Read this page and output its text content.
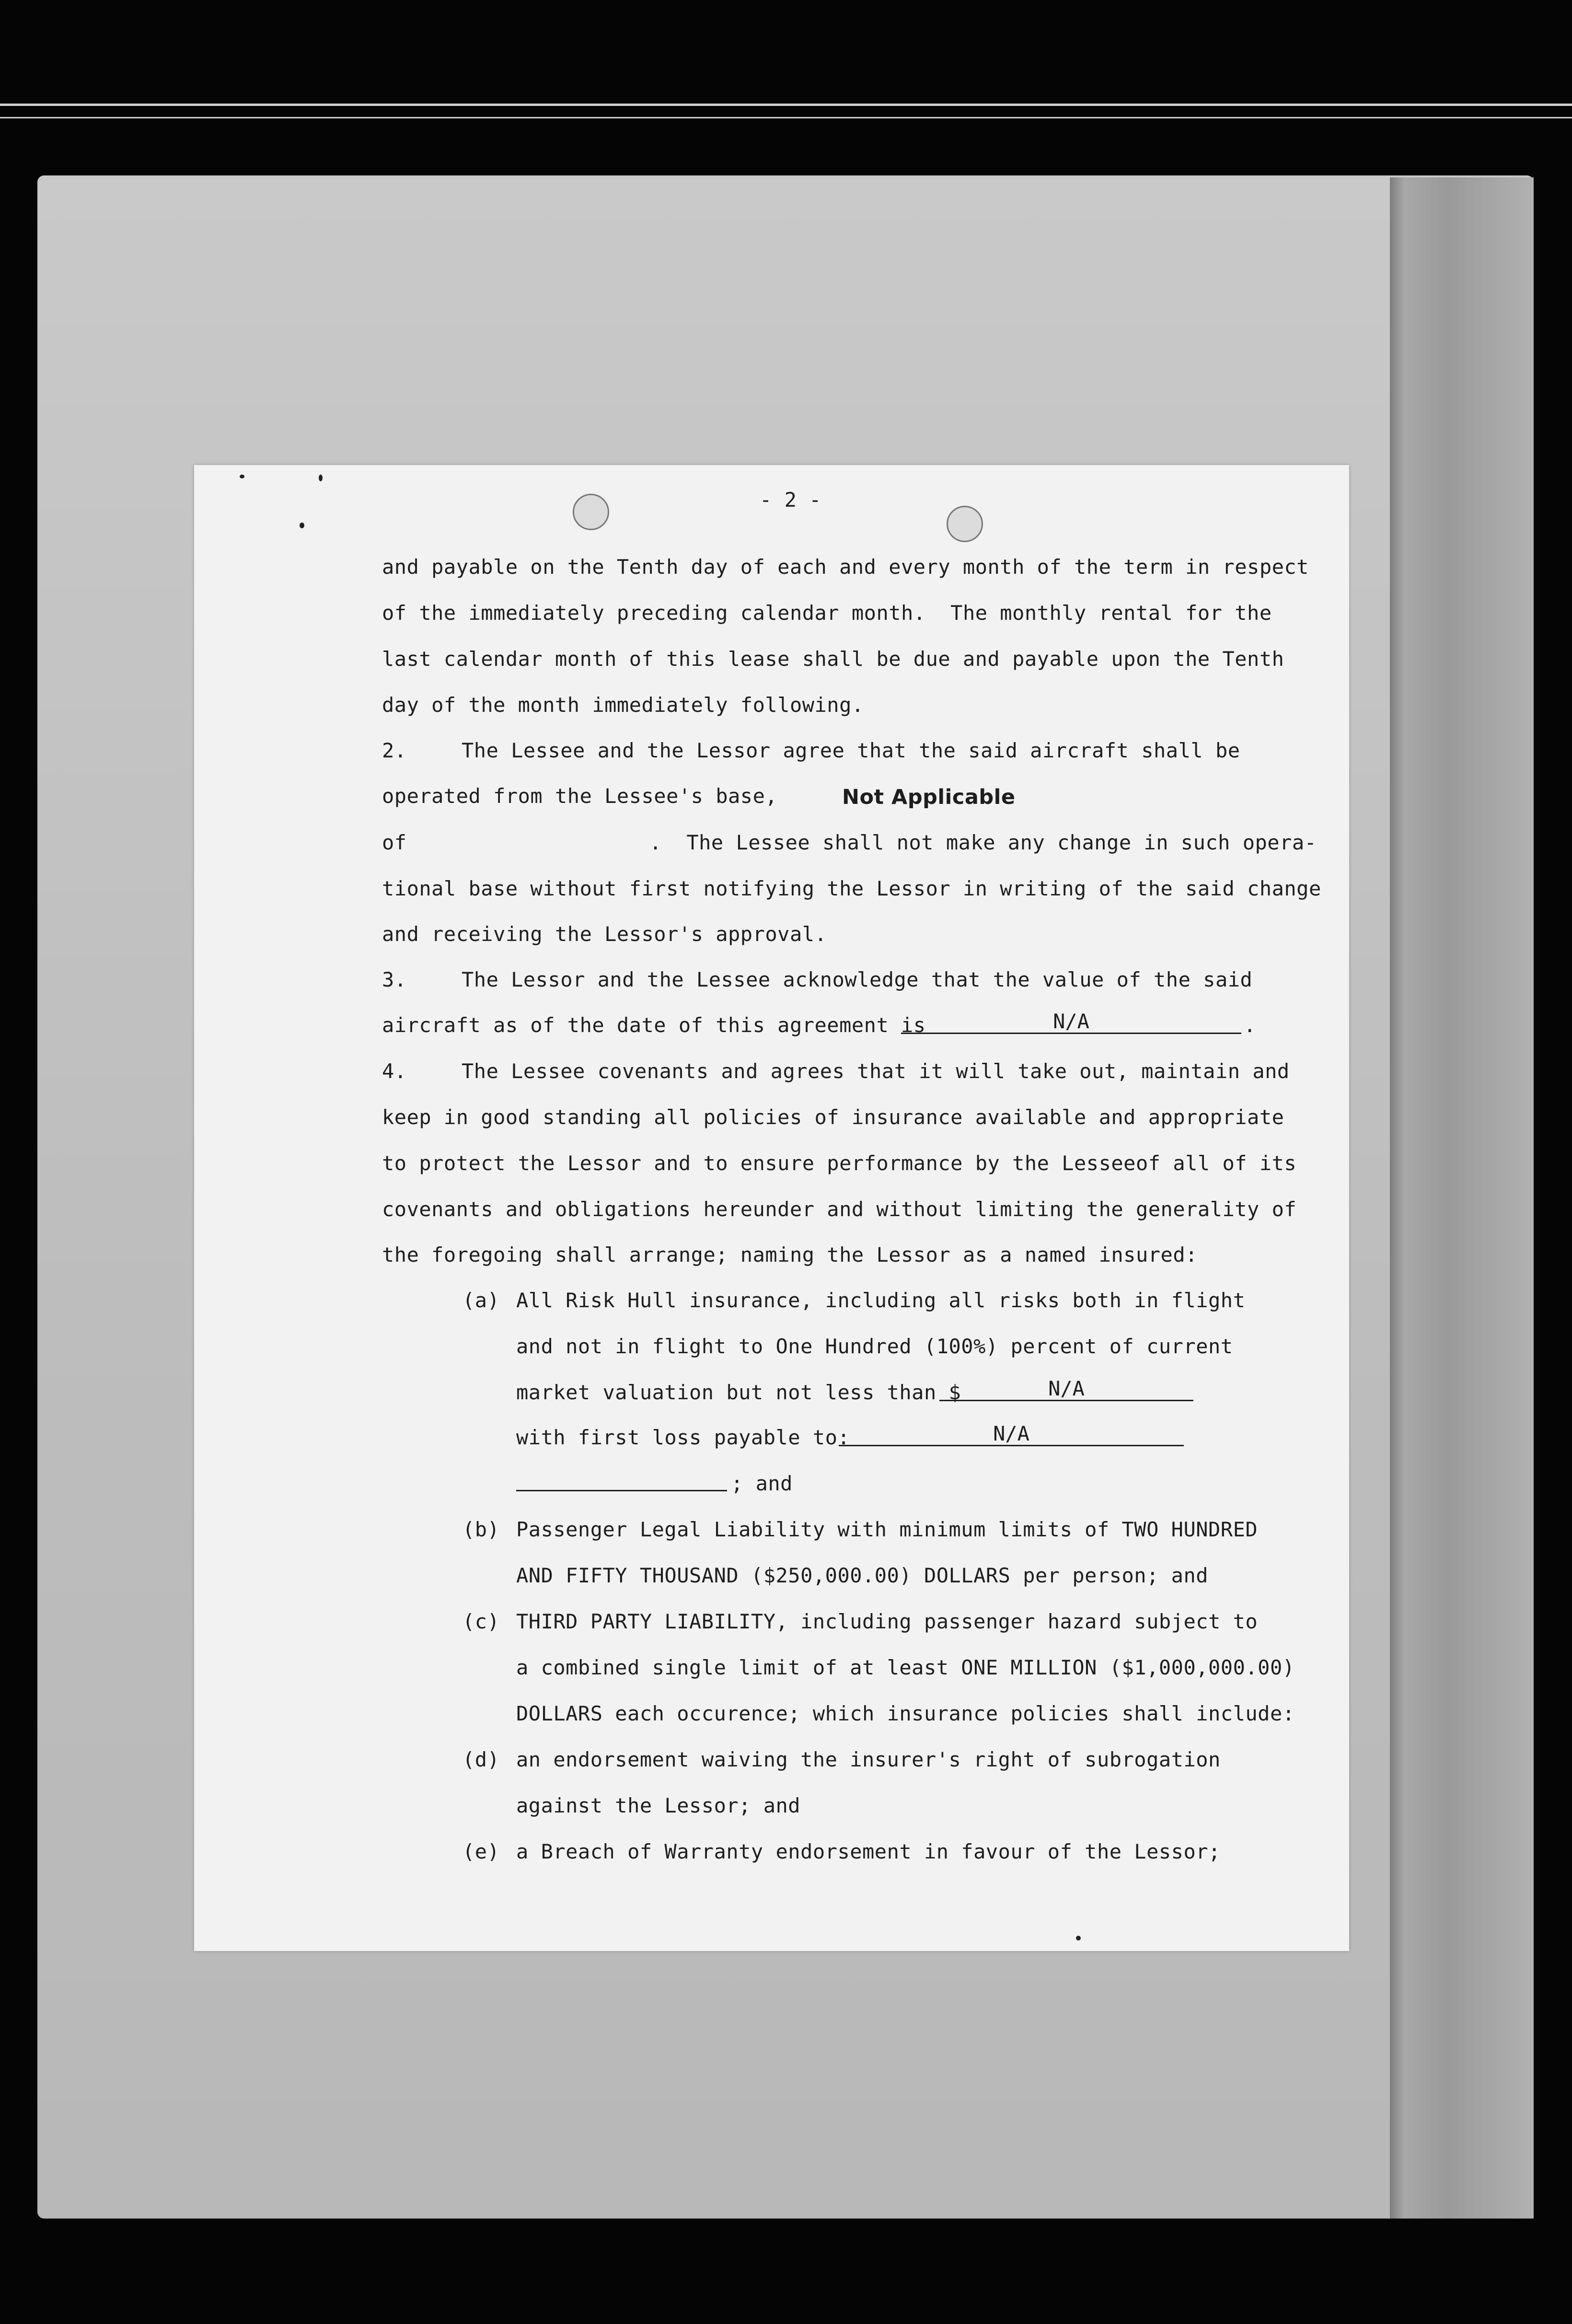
- 2 -
and payable on the Tenth day of each and every month of the term in respect
of the immediately preceding calendar month.  The monthly rental for the
last calendar month of this lease shall be due and payable upon the Tenth
day of the month immediately following.
2.	The Lessee and the Lessor agree that the said aircraft shall be
operated from the Lessee's base,	Not Applicable
of	.  The Lessee shall not make any change in such opera-
tional base without first notifying the Lessor in writing of the said change
and receiving the Lessor's approval.
3.	The Lessor and the Lessee acknowledge that the value of the said
aircraft as of the date of this agreement is	N/A	.
4.	The Lessee covenants and agrees that it will take out, maintain and
keep in good standing all policies of insurance available and appropriate
to protect the Lessor and to ensure performance by the Lesseeof all of its
covenants and obligations hereunder and without limiting the generality of
the foregoing shall arrange; naming the Lessor as a named insured:
(a) All Risk Hull insurance, including all risks both in flight
and not in flight to One Hundred (100%) percent of current
market valuation but not less than $	N/A
with first loss payable to:	N/A
; and
(b) Passenger Legal Liability with minimum limits of TWO HUNDRED
AND FIFTY THOUSAND ($250,000.00) DOLLARS per person; and
(c) THIRD PARTY LIABILITY, including passenger hazard subject to
a combined single limit of at least ONE MILLION ($1,000,000.00)
DOLLARS each occurence; which insurance policies shall include:
(d) an endorsement waiving the insurer's right of subrogation
against the Lessor; and
(e) a Breach of Warranty endorsement in favour of the Lessor;
